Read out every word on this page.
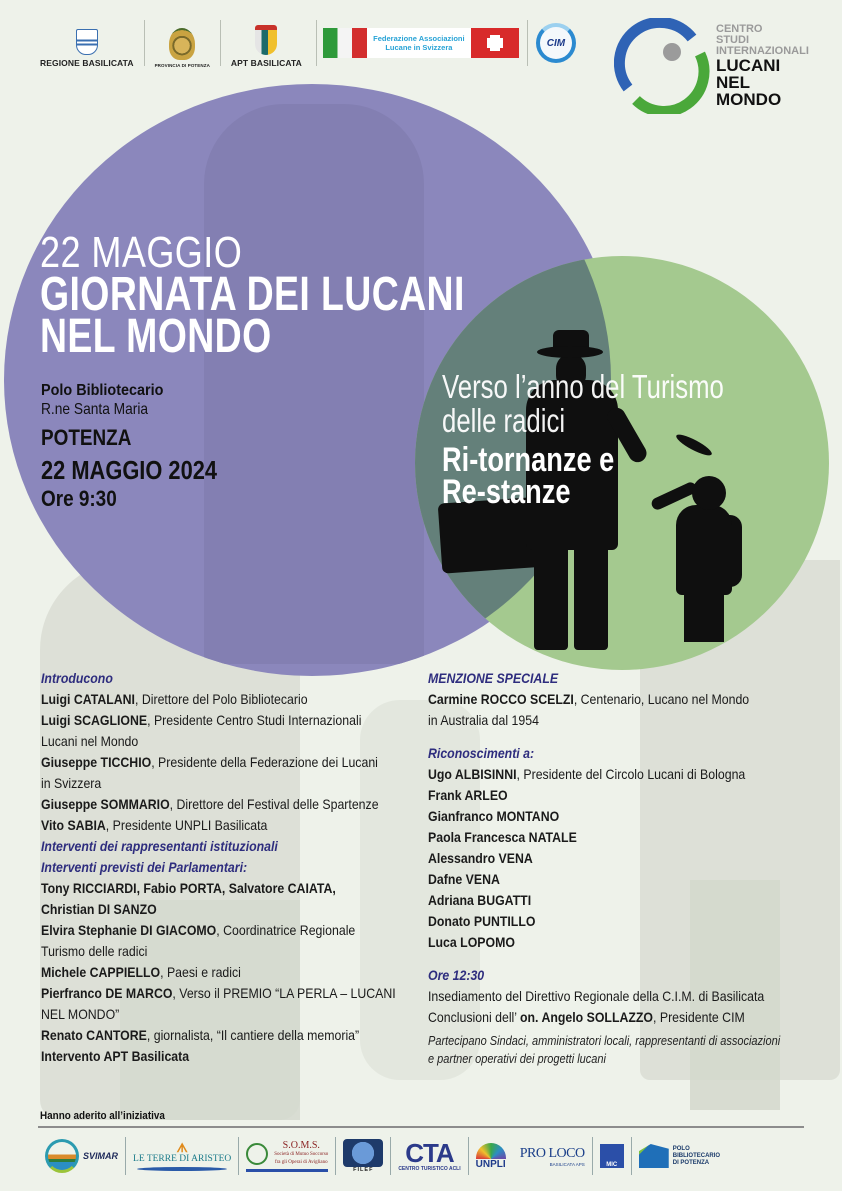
REGIONE BASILICATA	PROVINCIA DI POTENZA APT BASILICATA
Federazione Associazioni
Lucane in Svizzera	CIM
CENTRO
STUDI
INTERNAZIONALI
LUCANI
NEL
MONDO
22 MAGGIO
GIORNATA DEI LUCANI
NEL MONDO
Polo Bibliotecario
R.ne Santa Maria
POTENZA
22 MAGGIO 2024
Ore 9:30
Verso l’anno del Turismo
delle radici
Ri-tornanze e
Re-stanze
Introducono
Luigi CATALANI, Direttore del Polo Bibliotecario
Luigi SCAGLIONE, Presidente Centro Studi Internazionali
Lucani nel Mondo
Giuseppe TICCHIO, Presidente della Federazione dei Lucani
in Svizzera
Giuseppe SOMMARIO, Direttore del Festival delle Spartenze
Vito SABIA, Presidente UNPLI Basilicata
Interventi dei rappresentanti istituzionali
Interventi previsti dei Parlamentari:
Tony RICCIARDI, Fabio PORTA, Salvatore CAIATA,
Christian DI SANZO
Elvira Stephanie DI GIACOMO, Coordinatrice Regionale
Turismo delle radici
Michele CAPPIELLO, Paesi e radici
Pierfranco DE MARCO, Verso il PREMIO “LA PERLA – LUCANI
NEL MONDO”
Renato CANTORE, giornalista, “Il cantiere della memoria”
Intervento APT Basilicata
MENZIONE SPECIALE
Carmine ROCCO SCELZI, Centenario, Lucano nel Mondo
in Australia dal 1954
Riconoscimenti a:
Ugo ALBISINNI, Presidente del Circolo Lucani di Bologna
Frank ARLEO
Gianfranco MONTANO
Paola Francesca NATALE
Alessandro VENA
Dafne VENA
Adriana BUGATTI
Donato PUNTILLO
Luca LOPOMO
Ore 12:30
Insediamento del Direttivo Regionale della C.I.M. di Basilicata
Conclusioni dell’ on. Angelo SOLLAZZO, Presidente CIM
Partecipano Sindaci, amministratori locali, rappresentanti di associazioni
e partner operativi dei progetti lucani
Hanno aderito all’iniziativa
SVIMAR
ᗑ
LE TERRE DI ARISTEO
S.O.M.S.
Società di Mutuo Soccorso
fra gli Operai di Avigliano
FILEF
CTA
CENTRO TURISTICO ACLI UNPLI
PRO LOCO
BASILICATA APS	MIC
POLO
BIBLIOTECARIO
DI POTENZA
